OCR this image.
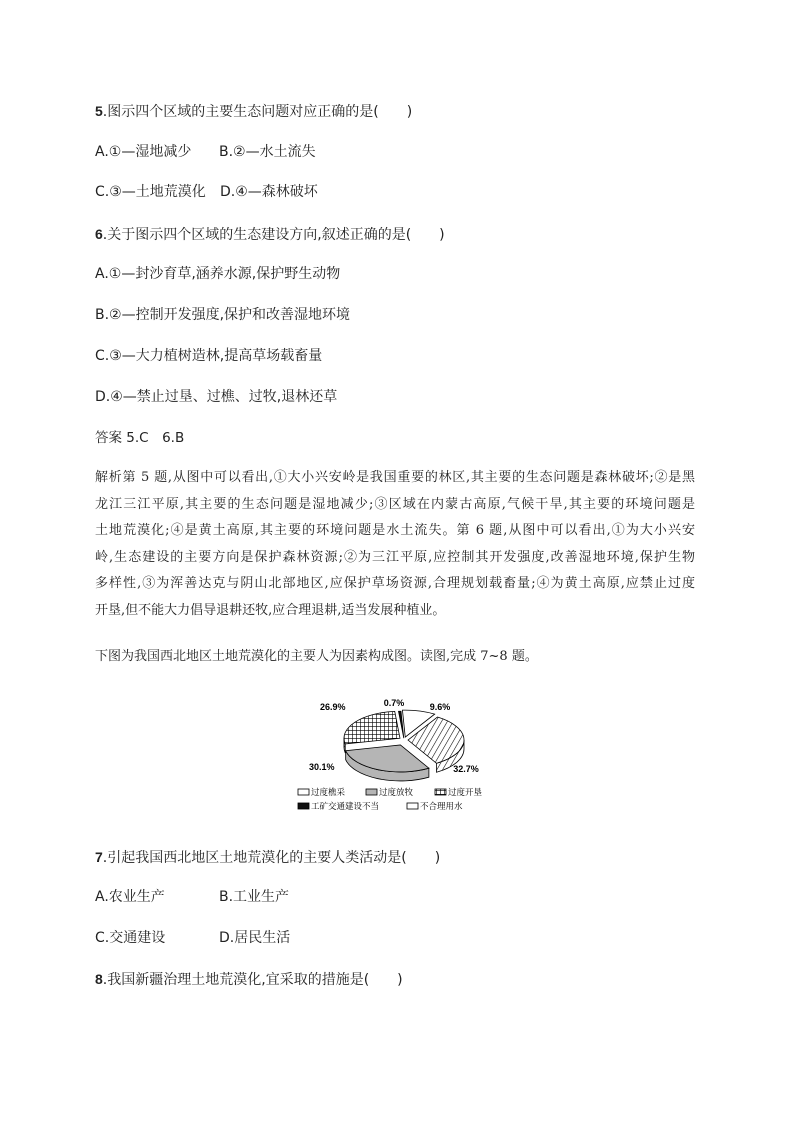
5.图示四个区域的主要生态问题对应正确的是(　　)
A.①—湿地减少 B.②—水土流失
C.③—土地荒漠化 D.④—森林破坏
6.关于图示四个区域的生态建设方向,叙述正确的是(　　)
A.①—封沙育草,涵养水源,保护野生动物
B.②—控制开发强度,保护和改善湿地环境
C.③—大力植树造林,提高草场载畜量
D.④—禁止过垦、过樵、过牧,退林还草
答案 5.C　6.B
解析第 5 题,从图中可以看出,①大小兴安岭是我国重要的林区,其主要的生态问题是森林破坏;②是黑
龙江三江平原,其主要的生态问题是湿地减少;③区域在内蒙古高原,气候干旱,其主要的环境问题是
土地荒漠化;④是黄土高原,其主要的环境问题是水土流失。第 6 题,从图中可以看出,①为大小兴安
岭,生态建设的主要方向是保护森林资源;②为三江平原,应控制其开发强度,改善湿地环境,保护生物
多样性,③为浑善达克与阴山北部地区,应保护草场资源,合理规划载畜量;④为黄土高原,应禁止过度
开垦,但不能大力倡导退耕还牧,应合理退耕,适当发展种植业。
下图为我国西北地区土地荒漠化的主要人为因素构成图。读图,完成 7~8 题。
9.6%
32.7%
30.1%
26.9%	0.7%
过度樵采	过度放牧	过度开垦
工矿交通建设不当	不合理用水
7.引起我国西北地区土地荒漠化的主要人类活动是(　　)
A.农业生产	B.工业生产
C.交通建设	D.居民生活
8.我国新疆治理土地荒漠化,宜采取的措施是(　　)
